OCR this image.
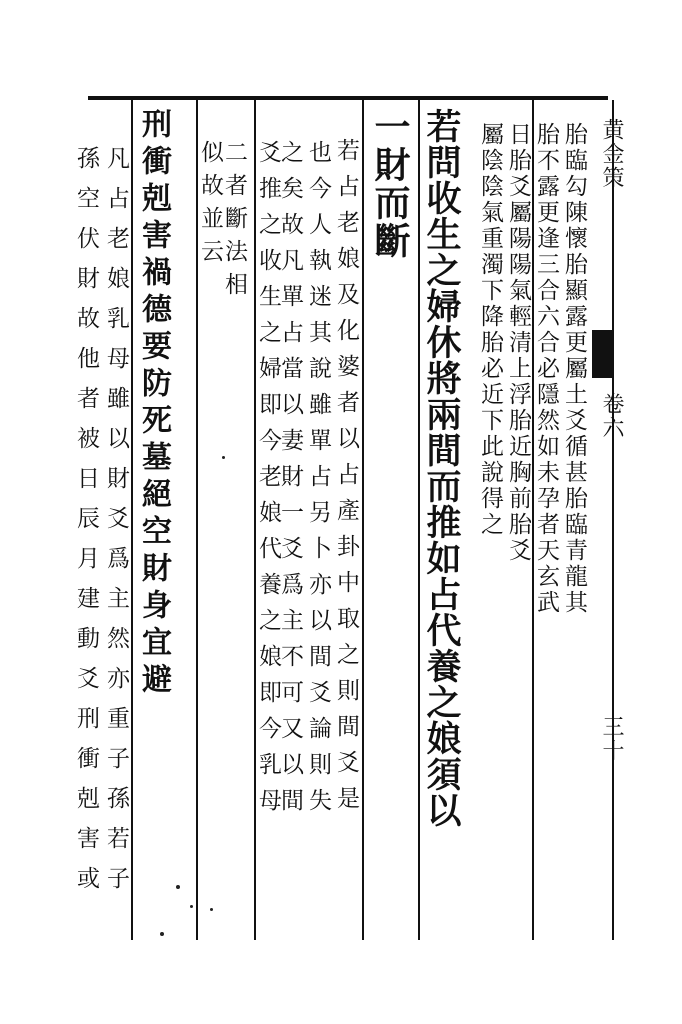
黄金策
卷六
三十
胎臨勾陳懷胎顯露更屬土爻循甚胎臨青龍其
胎不露更逢三合六合必隱然如未孕者天玄武
日胎爻屬陽陽氣輕清上浮胎近胸前胎爻
屬陰陰氣重濁下降胎必近下此說得之
若問收生之婦休將兩間而推如占代養之娘須以
一財而斷
若占老娘及化婆者以占產卦中取之則間爻是
也今人執迷其說雖單占另卜亦以間爻論則失
之矣故凡單占當以妻財一爻爲主不可又以間
爻推之收生之婦即今老娘代養之娘即今乳母
二者斷法相
似故並云
刑衝剋害禍德要防死墓絕空財身宜避
凡占老娘乳母雖以財爻爲主然亦重子孫若子
孫空伏財故他者被日辰月建動爻刑衝剋害或
